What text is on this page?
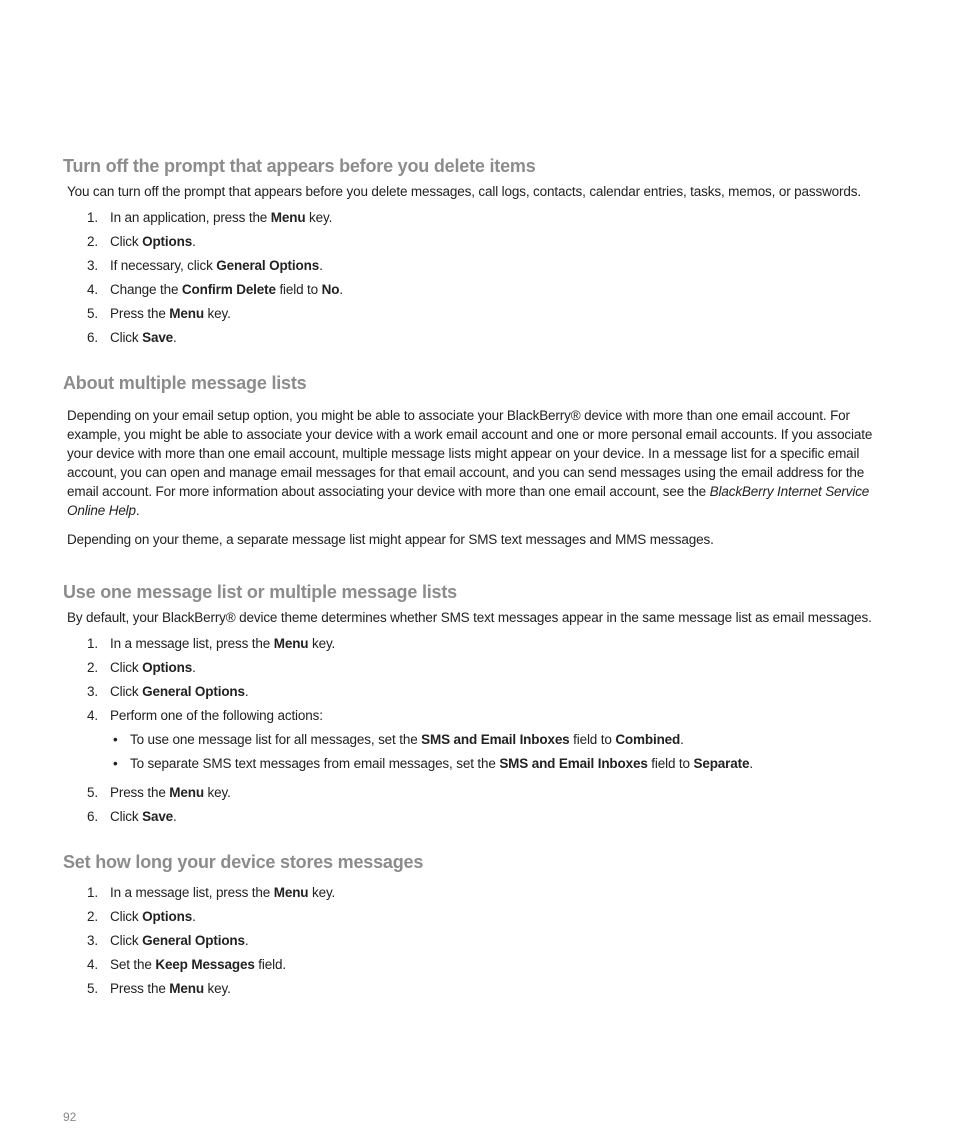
Turn off the prompt that appears before you delete items

You can turn off the prompt that appears before you delete messages, call logs, contacts, calendar entries, tasks, memos, or passwords.

1. In an application, press the Menu key.
2. Click Options.
3. If necessary, click General Options.
4. Change the Confirm Delete field to No.
5. Press the Menu key.
6. Click Save.
About multiple message lists

Depending on your email setup option, you might be able to associate your BlackBerry® device with more than one email account. For example, you might be able to associate your device with a work email account and one or more personal email accounts. If you associate your device with more than one email account, multiple message lists might appear on your device. In a message list for a specific email account, you can open and manage email messages for that email account, and you can send messages using the email address for the email account. For more information about associating your device with more than one email account, see the BlackBerry Internet Service Online Help.

Depending on your theme, a separate message list might appear for SMS text messages and MMS messages.

Use one message list or multiple message lists

By default, your BlackBerry® device theme determines whether SMS text messages appear in the same message list as email messages.

1. In a message list, press the Menu key.
2. Click Options.
3. Click General Options.
4. Perform one of the following actions:
• To use one message list for all messages, set the SMS and Email Inboxes field to Combined.
• To separate SMS text messages from email messages, set the SMS and Email Inboxes field to Separate.
5. Press the Menu key.
6. Click Save.
Set how long your device stores messages
1. In a message list, press the Menu key.
2. Click Options.
3. Click General Options.
4. Set the Keep Messages field.
5. Press the Menu key.
92
